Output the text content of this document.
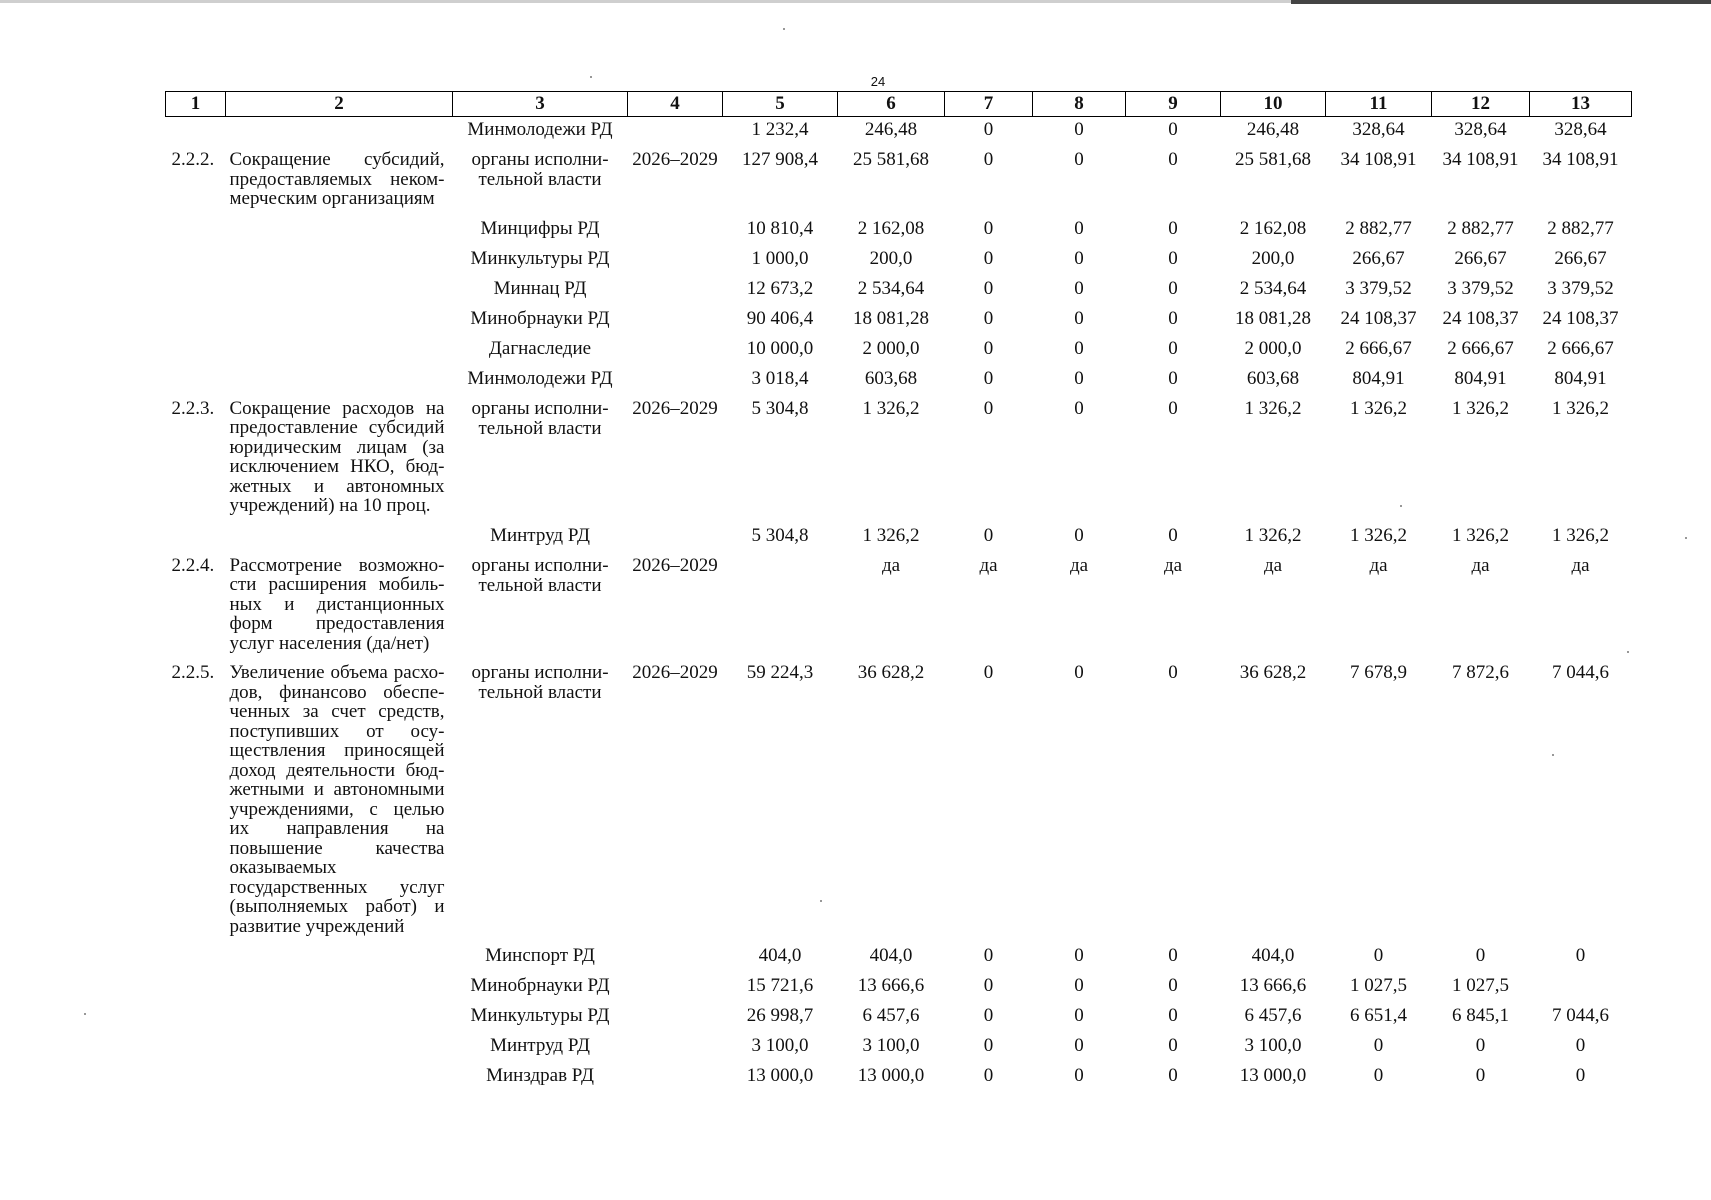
24
1	2	3	4	5	6	7	8	9	10	11	12	13
		Минмолодежи РД		1 232,4	246,48	0	0	0	246,48	328,64	328,64	328,64
2.2.2.	Сокращение субсидий, предоставляемых некоммерческим организациям	органы исполнительной власти	2026–2029	127 908,4	25 581,68	0	0	0	25 581,68	34 108,91	34 108,91	34 108,91
		Минцифры РД		10 810,4	2 162,08	0	0	0	2 162,08	2 882,77	2 882,77	2 882,77
		Минкультуры РД		1 000,0	200,0	0	0	0	200,0	266,67	266,67	266,67
		Миннац РД		12 673,2	2 534,64	0	0	0	2 534,64	3 379,52	3 379,52	3 379,52
		Минобрнауки РД		90 406,4	18 081,28	0	0	0	18 081,28	24 108,37	24 108,37	24 108,37
		Дагнаследие		10 000,0	2 000,0	0	0	0	2 000,0	2 666,67	2 666,67	2 666,67
		Минмолодежи РД		3 018,4	603,68	0	0	0	603,68	804,91	804,91	804,91
2.2.3.	Сокращение расходов на предоставление субсидий юридическим лицам (за исключением НКО, бюджетных и автономных учреждений) на 10 проц.	органы исполнительной власти	2026–2029	5 304,8	1 326,2	0	0	0	1 326,2	1 326,2	1 326,2	1 326,2
		Минтруд РД		5 304,8	1 326,2	0	0	0	1 326,2	1 326,2	1 326,2	1 326,2
2.2.4.	Рассмотрение возможности расширения мобильных и дистанционных форм предоставления услуг населения (да/нет)	органы исполнительной власти	2026–2029		да	да	да	да	да	да	да	да
2.2.5.	Увеличение объема расходов, финансово обеспеченных за счет средств, поступивших от осуществления приносящей доход деятельности бюджетными и автономными учреждениями, с целью их направления на повышение качества оказываемых государственных услуг (выполняемых работ) и развитие учреждений	органы исполнительной власти	2026–2029	59 224,3	36 628,2	0	0	0	36 628,2	7 678,9	7 872,6	7 044,6
		Минспорт РД		404,0	404,0	0	0	0	404,0	0	0	0
		Минобрнауки РД		15 721,6	13 666,6	0	0	0	13 666,6	1 027,5	1 027,5	
		Минкультуры РД		26 998,7	6 457,6	0	0	0	6 457,6	6 651,4	6 845,1	7 044,6
		Минтруд РД		3 100,0	3 100,0	0	0	0	3 100,0	0	0	0
		Минздрав РД		13 000,0	13 000,0	0	0	0	13 000,0	0	0	0
